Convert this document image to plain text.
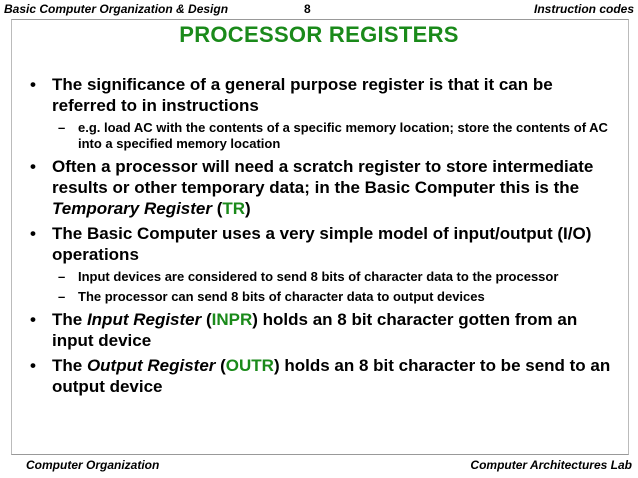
Basic Computer Organization & Design	8	Instruction codes
PROCESSOR REGISTERS
• The significance of a general purpose register is that it can be referred to in instructions
– e.g. load AC with the contents of a specific memory location; store the contents of AC into a specified memory location
• Often a processor will need a scratch register to store intermediate results or other temporary data; in the Basic Computer this is the Temporary Register (TR)
• The Basic Computer uses a very simple model of input/output (I/O) operations
– Input devices are considered to send 8 bits of character data to the processor
– The processor can send 8 bits of character data to output devices
• The Input Register (INPR) holds an 8 bit character gotten from an input device
• The Output Register (OUTR) holds an 8 bit character to be send to an output device
Computer Organization	Computer Architectures Lab
